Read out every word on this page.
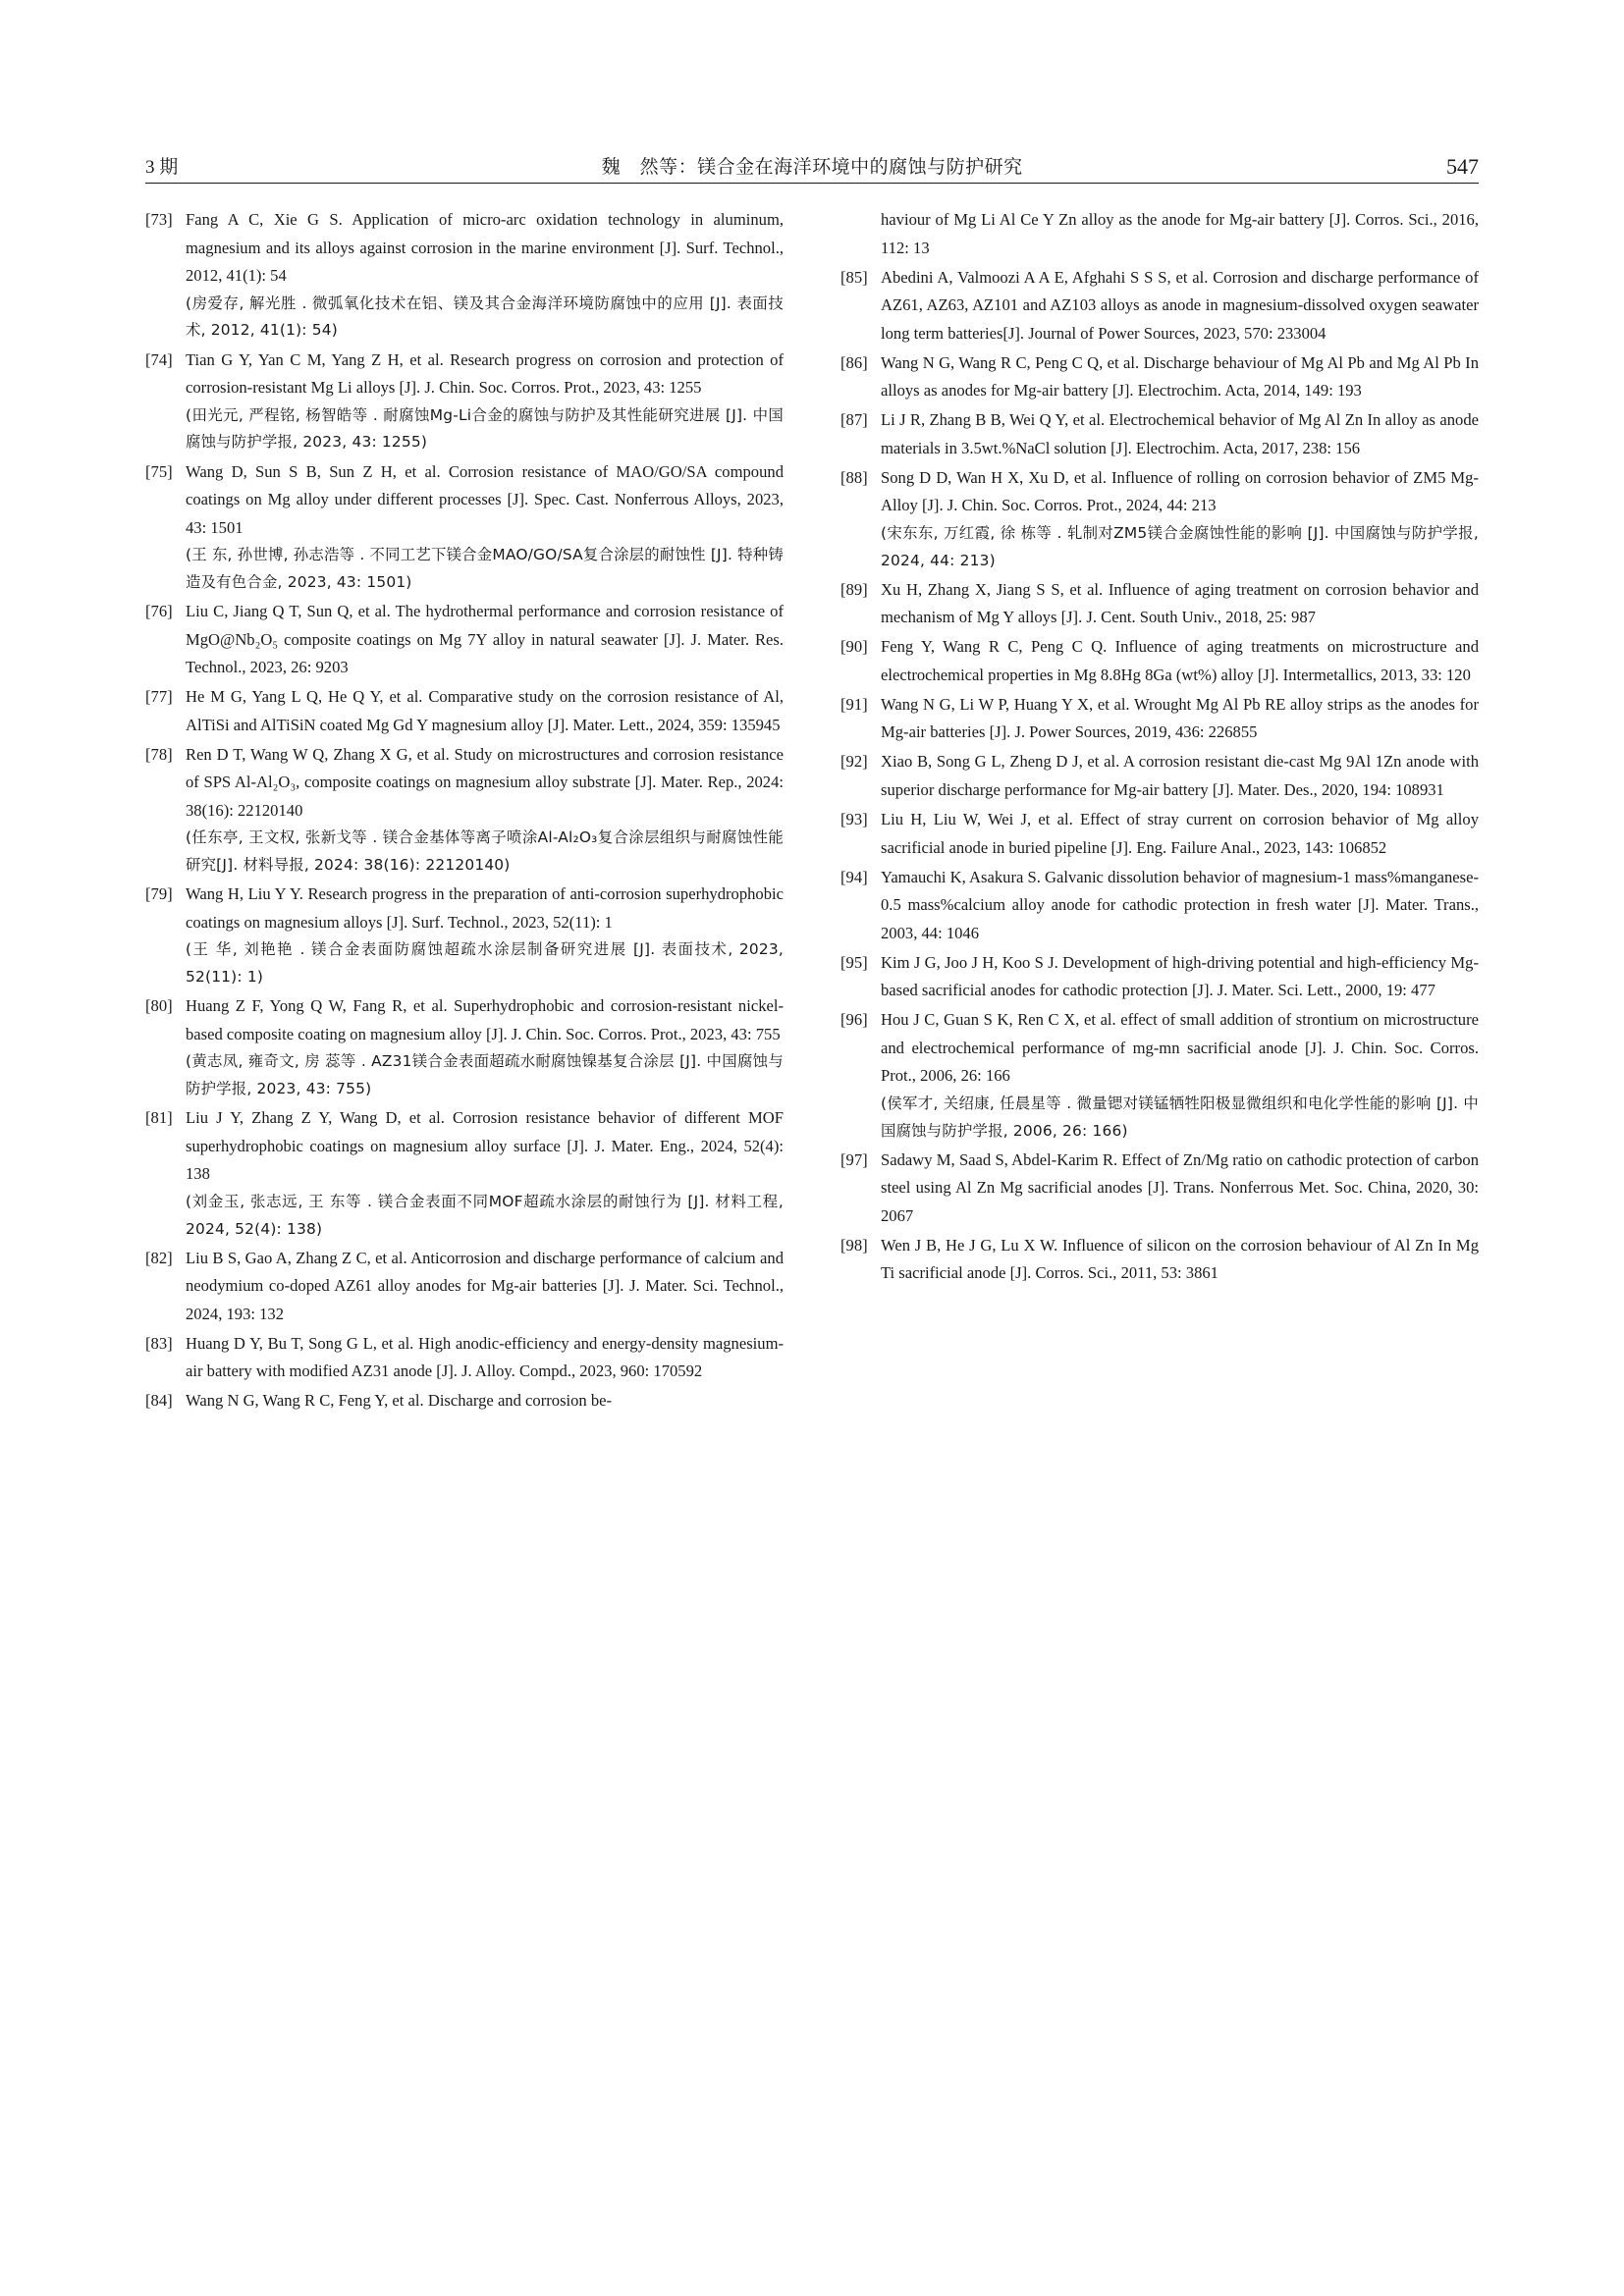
3 期	魏　然等：镁合金在海洋环境中的腐蚀与防护研究	547
[73] Fang A C, Xie G S. Application of micro-arc oxidation technology in aluminum, magnesium and its alloys against corrosion in the marine environment [J]. Surf. Technol., 2012, 41(1): 54
(房爱存, 解光胜 . 微弧氧化技术在铝、镁及其合金海洋环境防腐蚀中的应用 [J]. 表面技术, 2012, 41(1): 54)
[74] Tian G Y, Yan C M, Yang Z H, et al. Research progress on corrosion and protection of corrosion-resistant Mg Li alloys [J]. J. Chin. Soc. Corros. Prot., 2023, 43: 1255
(田光元, 严程铭, 杨智皓等 . 耐腐蚀Mg-Li合金的腐蚀与防护及其性能研究进展 [J]. 中国腐蚀与防护学报, 2023, 43: 1255)
[75] Wang D, Sun S B, Sun Z H, et al. Corrosion resistance of MAO/GO/SA compound coatings on Mg alloy under different processes [J]. Spec. Cast. Nonferrous Alloys, 2023, 43: 1501
(王 东, 孙世博, 孙志浩等 . 不同工艺下镁合金MAO/GO/SA复合涂层的耐蚀性 [J]. 特种铸造及有色合金, 2023, 43: 1501)
[76] Liu C, Jiang Q T, Sun Q, et al. The hydrothermal performance and corrosion resistance of MgO@Nb₂O₅ composite coatings on Mg 7Y alloy in natural seawater [J]. J. Mater. Res. Technol., 2023, 26: 9203
[77] He M G, Yang L Q, He Q Y, et al. Comparative study on the corrosion resistance of Al, AlTiSi and AlTiSiN coated Mg Gd Y magnesium alloy [J]. Mater. Lett., 2024, 359: 135945
[78] Ren D T, Wang W Q, Zhang X G, et al. Study on microstructures and corrosion resistance of SPS Al-Al₂O₃, composite coatings on magnesium alloy substrate [J]. Mater. Rep., 2024: 38(16): 22120140
(任东亭, 王文权, 张新戈等 . 镁合金基体等离子喷涂Al-Al₂O₃复合涂层组织与耐腐蚀性能研究[J]. 材料导报, 2024: 38(16): 22120140)
[79] Wang H, Liu Y Y. Research progress in the preparation of anti-corrosion superhydrophobic coatings on magnesium alloys [J]. Surf. Technol., 2023, 52(11): 1
(王 华, 刘艳艳 . 镁合金表面防腐蚀超疏水涂层制备研究进展 [J]. 表面技术, 2023, 52(11): 1)
[80] Huang Z F, Yong Q W, Fang R, et al. Superhydrophobic and corrosion-resistant nickel-based composite coating on magnesium alloy [J]. J. Chin. Soc. Corros. Prot., 2023, 43: 755
(黄志凤, 雍奇文, 房 蕊等 . AZ31镁合金表面超疏水耐腐蚀镍基复合涂层 [J]. 中国腐蚀与防护学报, 2023, 43: 755)
[81] Liu J Y, Zhang Z Y, Wang D, et al. Corrosion resistance behavior of different MOF superhydrophobic coatings on magnesium alloy surface [J]. J. Mater. Eng., 2024, 52(4): 138
(刘金玉, 张志远, 王 东等 . 镁合金表面不同MOF超疏水涂层的耐蚀行为 [J]. 材料工程, 2024, 52(4): 138)
[82] Liu B S, Gao A, Zhang Z C, et al. Anticorrosion and discharge performance of calcium and neodymium co-doped AZ61 alloy anodes for Mg-air batteries [J]. J. Mater. Sci. Technol., 2024, 193: 132
[83] Huang D Y, Bu T, Song G L, et al. High anodic-efficiency and energy-density magnesium-air battery with modified AZ31 anode [J]. J. Alloy. Compd., 2023, 960: 170592
[84] Wang N G, Wang R C, Feng Y, et al. Discharge and corrosion be-
haviour of Mg Li Al Ce Y Zn alloy as the anode for Mg-air battery [J]. Corros. Sci., 2016, 112: 13
[85] Abedini A, Valmoozi A A E, Afghahi S S S, et al. Corrosion and discharge performance of AZ61, AZ63, AZ101 and AZ103 alloys as anode in magnesium-dissolved oxygen seawater long term batteries[J]. Journal of Power Sources, 2023, 570: 233004
[86] Wang N G, Wang R C, Peng C Q, et al. Discharge behaviour of Mg Al Pb and Mg Al Pb In alloys as anodes for Mg-air battery [J]. Electrochim. Acta, 2014, 149: 193
[87] Li J R, Zhang B B, Wei Q Y, et al. Electrochemical behavior of Mg Al Zn In alloy as anode materials in 3.5wt.%NaCl solution [J]. Electrochim. Acta, 2017, 238: 156
[88] Song D D, Wan H X, Xu D, et al. Influence of rolling on corrosion behavior of ZM5 Mg-Alloy [J]. J. Chin. Soc. Corros. Prot., 2024, 44: 213
(宋东东, 万红霞, 徐 栋等 . 轧制对ZM5镁合金腐蚀性能的影响 [J]. 中国腐蚀与防护学报, 2024, 44: 213)
[89] Xu H, Zhang X, Jiang S S, et al. Influence of aging treatment on corrosion behavior and mechanism of Mg Y alloys [J]. J. Cent. South Univ., 2018, 25: 987
[90] Feng Y, Wang R C, Peng C Q. Influence of aging treatments on microstructure and electrochemical properties in Mg 8.8Hg 8Ga (wt%) alloy [J]. Intermetallics, 2013, 33: 120
[91] Wang N G, Li W P, Huang Y X, et al. Wrought Mg Al Pb RE alloy strips as the anodes for Mg-air batteries [J]. J. Power Sources, 2019, 436: 226855
[92] Xiao B, Song G L, Zheng D J, et al. A corrosion resistant die-cast Mg 9Al 1Zn anode with superior discharge performance for Mg-air battery [J]. Mater. Des., 2020, 194: 108931
[93] Liu H, Liu W, Wei J, et al. Effect of stray current on corrosion behavior of Mg alloy sacrificial anode in buried pipeline [J]. Eng. Failure Anal., 2023, 143: 106852
[94] Yamauchi K, Asakura S. Galvanic dissolution behavior of magnesium-1 mass%manganese-0.5 mass%calcium alloy anode for cathodic protection in fresh water [J]. Mater. Trans., 2003, 44: 1046
[95] Kim J G, Joo J H, Koo S J. Development of high-driving potential and high-efficiency Mg-based sacrificial anodes for cathodic protection [J]. J. Mater. Sci. Lett., 2000, 19: 477
[96] Hou J C, Guan S K, Ren C X, et al. effect of small addition of strontium on microstructure and electrochemical performance of mg-mn sacrificial anode [J]. J. Chin. Soc. Corros. Prot., 2006, 26: 166
(侯军才, 关绍康, 任晨星等 . 微量锶对镁锰牺牲阳极显微组织和电化学性能的影响 [J]. 中国腐蚀与防护学报, 2006, 26: 166)
[97] Sadawy M, Saad S, Abdel-Karim R. Effect of Zn/Mg ratio on cathodic protection of carbon steel using Al Zn Mg sacrificial anodes [J]. Trans. Nonferrous Met. Soc. China, 2020, 30: 2067
[98] Wen J B, He J G, Lu X W. Influence of silicon on the corrosion behaviour of Al Zn In Mg Ti sacrificial anode [J]. Corros. Sci., 2011, 53: 3861
